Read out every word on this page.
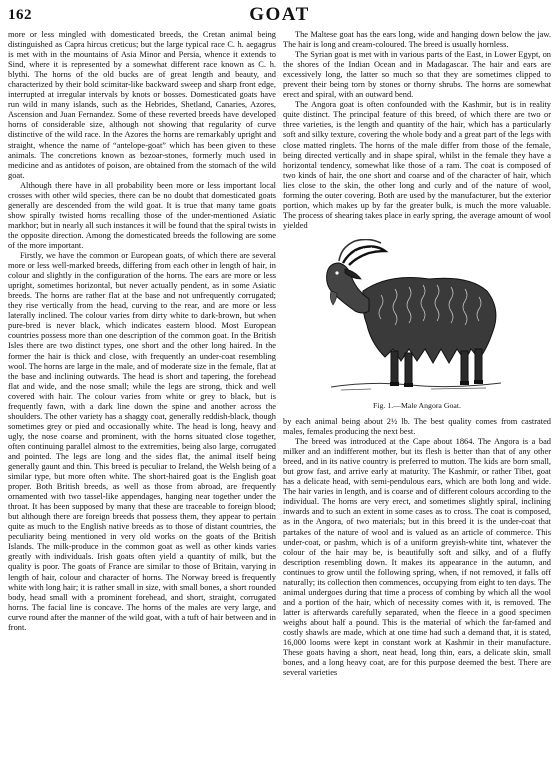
162	GOAT

more or less mingled with domesticated breeds, the Cretan animal being distinguished as Capra hircus creticus; but the large typical race C. h. aegagrus is met with in the mountains of Asia Minor and Persia, whence it extends to Sind, where it is represented by a somewhat different race known as C. h. blythi. The horns of the old bucks are of great length and beauty, and characterized by their bold scimitar-like backward sweep and sharp front edge, interrupted at irregular intervals by knots or bosses. Domesticated goats have run wild in many islands, such as the Hebrides, Shetland, Canaries, Azores, Ascension and Juan Fernandez. Some of these reverted breeds have developed horns of considerable size, although not showing that regularity of curve distinctive of the wild race. In the Azores the horns are remarkably upright and straight, whence the name of “antelope-goat” which has been given to these animals. The concretions known as bezoar-stones, formerly much used in medicine and as antidotes of poison, are obtained from the stomach of the wild goat.

Although there have in all probability been more or less important local crosses with other wild species, there can be no doubt that domesticated goats generally are descended from the wild goat. It is true that many tame goats show spirally twisted horns recalling those of the under-mentioned Asiatic markhor; but in nearly all such instances it will be found that the spiral twists in the opposite direction. Among the domesticated breeds the following are some of the more important.

Firstly, we have the common or European goats, of which there are several more or less well-marked breeds, differing from each other in length of hair, in colour and slightly in the configuration of the horns. The ears are more or less upright, sometimes horizontal, but never actually pendent, as in some Asiatic breeds. The horns are rather flat at the base and not unfrequently corrugated; they rise vertically from the head, curving to the rear, and are more or less laterally inclined. The colour varies from dirty white to dark-brown, but when pure-bred is never black, which indicates eastern blood. Most European countries possess more than one description of the common goat. In the British Isles there are two distinct types, one short and the other long haired. In the former the hair is thick and close, with frequently an under-coat resembling wool. The horns are large in the male, and of moderate size in the female, flat at the base and inclining outwards. The head is short and tapering, the forehead flat and wide, and the nose small; while the legs are strong, thick and well covered with hair. The colour varies from white or grey to black, but is frequently fawn, with a dark line down the spine and another across the shoulders. The other variety has a shaggy coat, generally reddish-black, though sometimes grey or pied and occasionally white. The head is long, heavy and ugly, the nose coarse and prominent, with the horns situated close together, often continuing parallel almost to the extremities, being also large, corrugated and pointed. The legs are long and the sides flat, the animal itself being generally gaunt and thin. This breed is peculiar to Ireland, the Welsh being of a similar type, but more often white. The short-haired goat is the English goat proper. Both British breeds, as well as those from abroad, are frequently ornamented with two tassel-like appendages, hanging near together under the throat. It has been supposed by many that these are traceable to foreign blood; but although there are foreign breeds that possess them, they appear to pertain quite as much to the English native breeds as to those of distant countries, the peculiarity being mentioned in very old works on the goats of the British Islands. The milk-produce in the common goat as well as other kinds varies greatly with individuals. Irish goats often yield a quantity of milk, but the quality is poor. The goats of France are similar to those of Britain, varying in length of hair, colour and character of horns. The Norway breed is frequently white with long hair; it is rather small in size, with small bones, a short rounded body, head small with a prominent forehead, and short, straight, corrugated horns. The facial line is concave. The horns of the males are very large, and curve round after the manner of the wild goat, with a tuft of hair between and in front.

The Maltese goat has the ears long, wide and hanging down below the jaw. The hair is long and cream-coloured. The breed is usually hornless.

The Syrian goat is met with in various parts of the East, in Lower Egypt, on the shores of the Indian Ocean and in Madagascar. The hair and ears are excessively long, the latter so much so that they are sometimes clipped to prevent their being torn by stones or thorny shrubs. The horns are somewhat erect and spiral, with an outward bend.

The Angora goat is often confounded with the Kashmir, but is in reality quite distinct. The principal feature of this breed, of which there are two or three varieties, is the length and quantity of the hair, which has a particularly soft and silky texture, covering the whole body and a great part of the legs with close matted ringlets. The horns of the male differ from those of the female, being directed vertically and in shape spiral, whilst in the female they have a horizontal tendency, somewhat like those of a ram. The coat is composed of two kinds of hair, the one short and coarse and of the character of hair, which lies close to the skin, the other long and curly and of the nature of wool, forming the outer covering. Both are used by the manufacturer, but the exterior portion, which makes up by far the greater bulk, is much the more valuable. The process of shearing takes place in early spring, the average amount of wool yielded

Fig. 1.—Male Angora Goat.

by each animal being about 2½ lb. The best quality comes from castrated males, females producing the next best.

The breed was introduced at the Cape about 1864. The Angora is a bad milker and an indifferent mother, but its flesh is better than that of any other breed, and in its native country is preferred to mutton. The kids are born small, but grow fast, and arrive early at maturity. The Kashmir, or rather Tibet, goat has a delicate head, with semi-pendulous ears, which are both long and wide. The hair varies in length, and is coarse and of different colours according to the individual. The horns are very erect, and sometimes slightly spiral, inclining inwards and to such an extent in some cases as to cross. The coat is composed, as in the Angora, of two materials; but in this breed it is the under-coat that partakes of the nature of wool and is valued as an article of commerce. This under-coat, or pashm, which is of a uniform greyish-white tint, whatever the colour of the hair may be, is beautifully soft and silky, and of a fluffy description resembling down. It makes its appearance in the autumn, and continues to grow until the following spring, when, if not removed, it falls off naturally; its collection then commences, occupying from eight to ten days. The animal undergoes during that time a process of combing by which all the wool and a portion of the hair, which of necessity comes with it, is removed. The latter is afterwards carefully separated, when the fleece in a good specimen weighs about half a pound. This is the material of which the far-famed and costly shawls are made, which at one time had such a demand that, it is stated, 16,000 looms were kept in constant work at Kashmir in their manufacture. These goats having a short, neat head, long thin, ears, a delicate skin, small bones, and a long heavy coat, are for this purpose deemed the best. There are several varieties
